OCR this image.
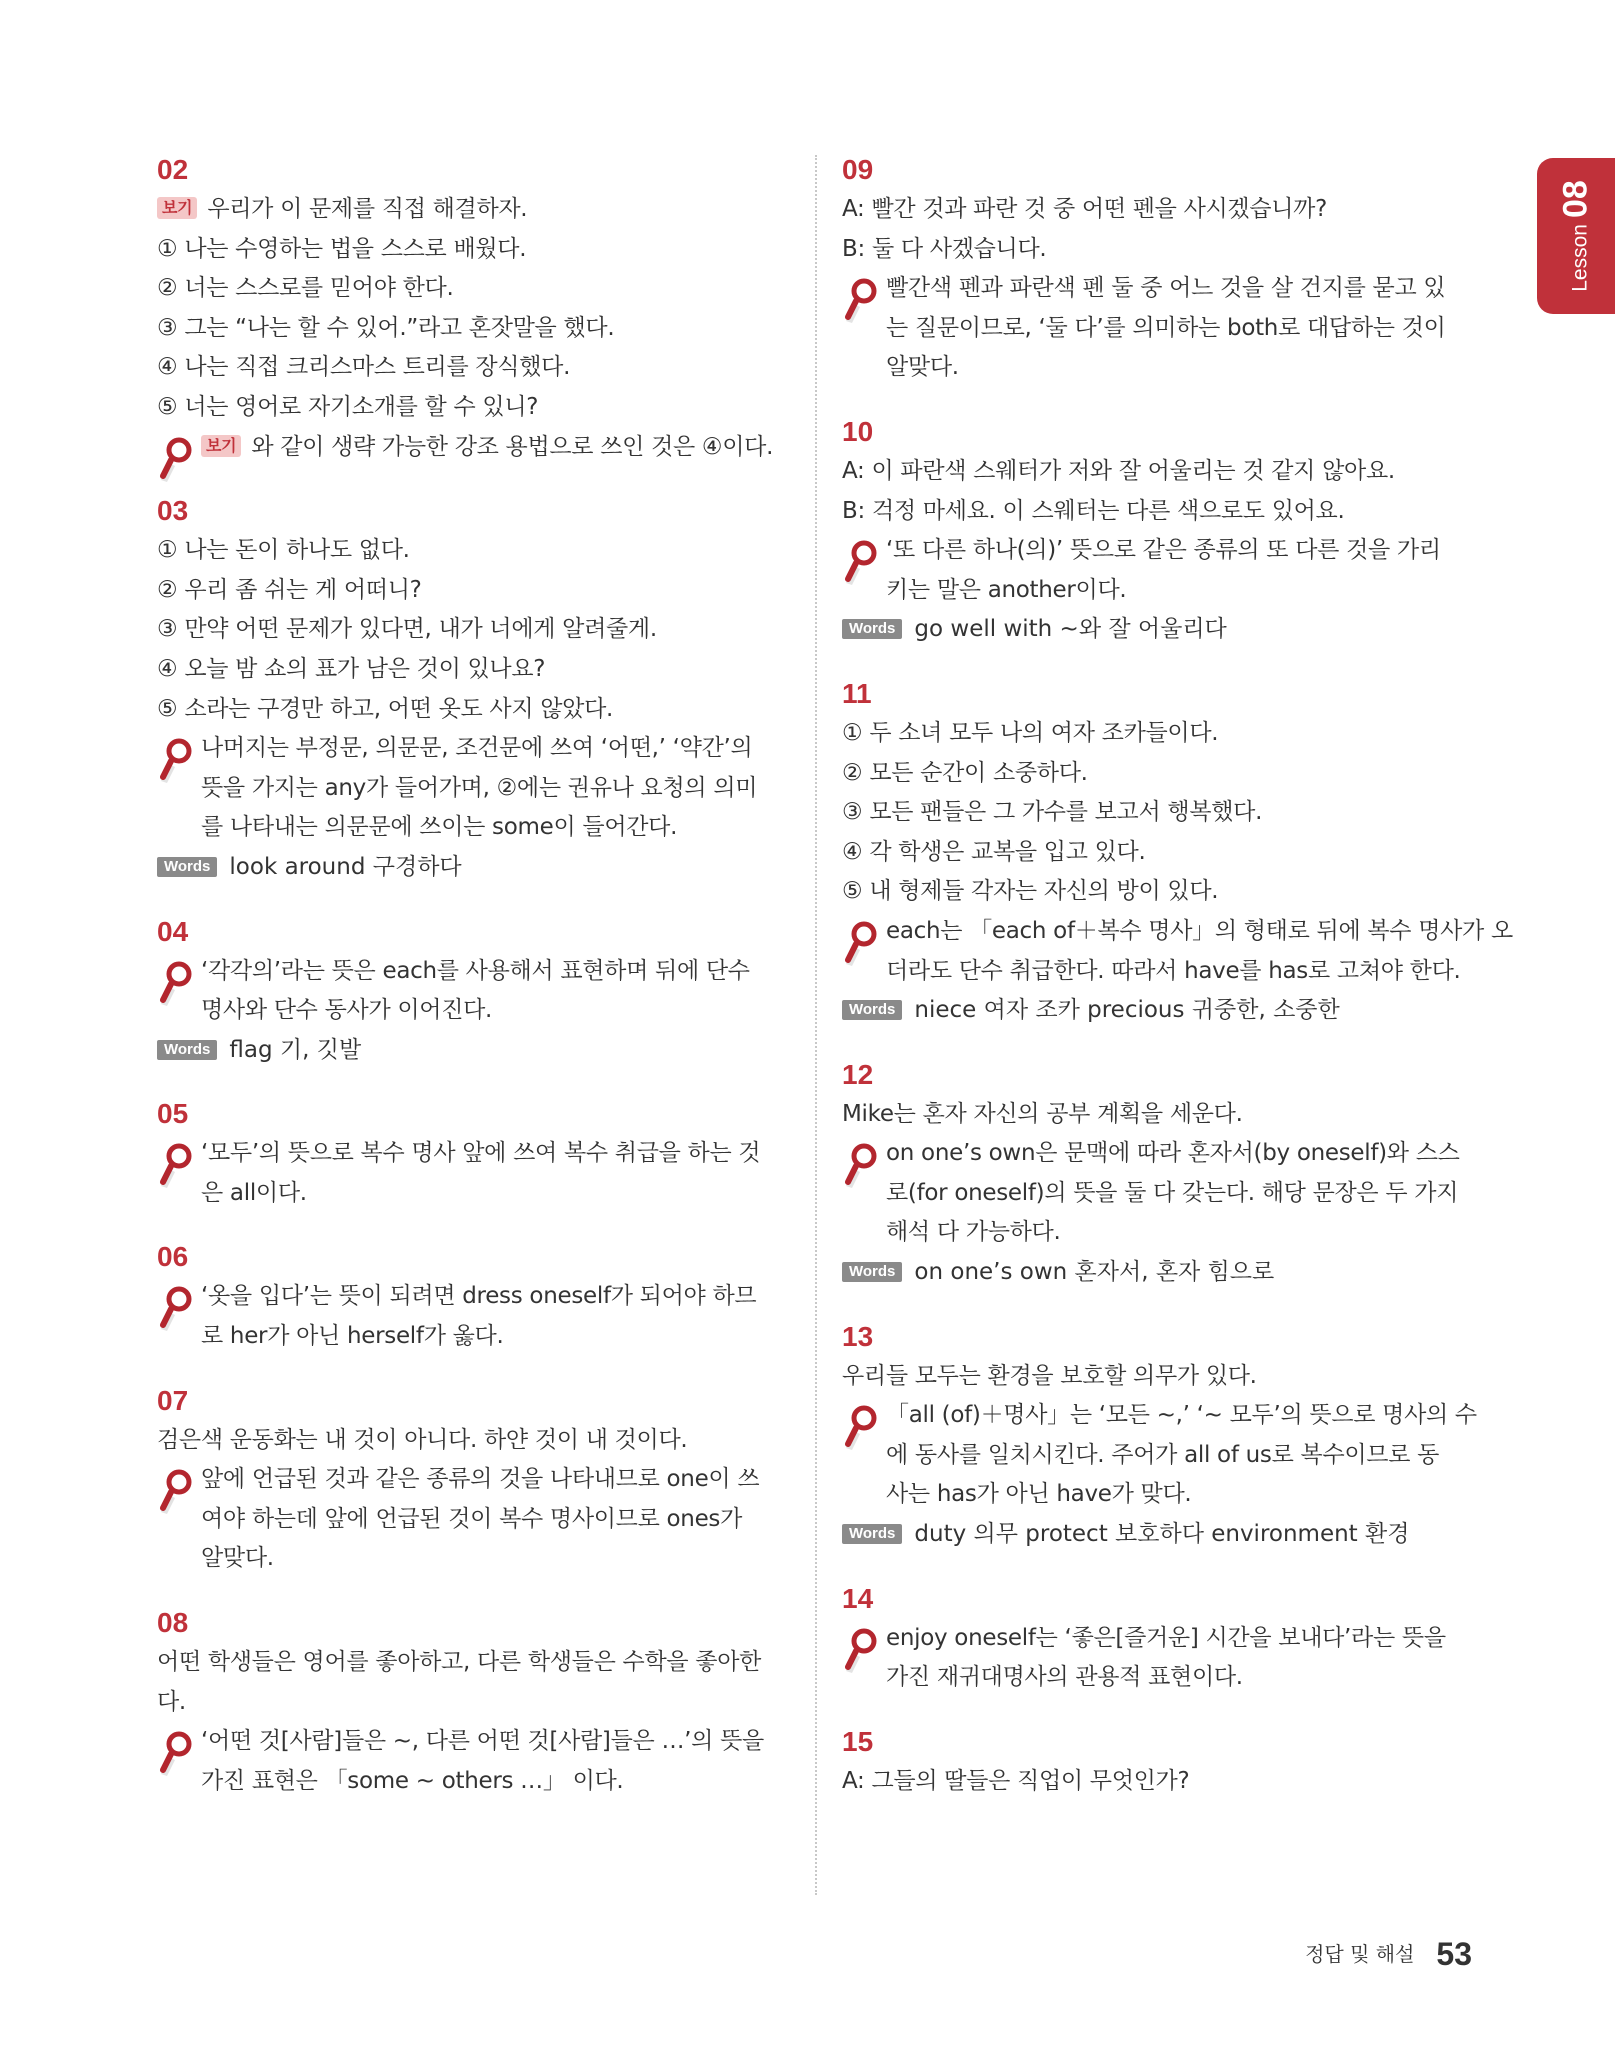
Lesson08
02
보기 우리가 이 문제를 직접 해결하자.
① 나는 수영하는 법을 스스로 배웠다.
② 너는 스스로를 믿어야 한다.
③ 그는 “나는 할 수 있어.”라고 혼잣말을 했다.
④ 나는 직접 크리스마스 트리를 장식했다.
⑤ 너는 영어로 자기소개를 할 수 있니?
보기 와 같이 생략 가능한 강조 용법으로 쓰인 것은 ④이다.
03
① 나는 돈이 하나도 없다.
② 우리 좀 쉬는 게 어떠니?
③ 만약 어떤 문제가 있다면, 내가 너에게 알려줄게.
④ 오늘 밤 쇼의 표가 남은 것이 있나요?
⑤ 소라는 구경만 하고, 어떤 옷도 사지 않았다.
나머지는 부정문, 의문문, 조건문에 쓰여 ‘어떤,’ ‘약간’의
뜻을 가지는 any가 들어가며, ②에는 권유나 요청의 의미
를 나타내는 의문문에 쓰이는 some이 들어간다.
Words look around 구경하다
04
‘각각의’라는 뜻은 each를 사용해서 표현하며 뒤에 단수
명사와 단수 동사가 이어진다.
Words flag 기, 깃발
05
‘모두’의 뜻으로 복수 명사 앞에 쓰여 복수 취급을 하는 것
은 all이다.
06
‘옷을 입다’는 뜻이 되려면 dress oneself가 되어야 하므
로 her가 아닌 herself가 옳다.
07
검은색 운동화는 내 것이 아니다. 하얀 것이 내 것이다.
앞에 언급된 것과 같은 종류의 것을 나타내므로 one이 쓰
여야 하는데 앞에 언급된 것이 복수 명사이므로 ones가
알맞다.
08
어떤 학생들은 영어를 좋아하고, 다른 학생들은 수학을 좋아한
다.
‘어떤 것[사람]들은 ~, 다른 어떤 것[사람]들은 …’의 뜻을
가진 표현은 「some ~ others …」 이다.
09
A: 빨간 것과 파란 것 중 어떤 펜을 사시겠습니까?
B: 둘 다 사겠습니다.
빨간색 펜과 파란색 펜 둘 중 어느 것을 살 건지를 묻고 있
는 질문이므로, ‘둘 다’를 의미하는 both로 대답하는 것이
알맞다.
10
A: 이 파란색 스웨터가 저와 잘 어울리는 것 같지 않아요.
B: 걱정 마세요. 이 스웨터는 다른 색으로도 있어요.
‘또 다른 하나(의)’ 뜻으로 같은 종류의 또 다른 것을 가리
키는 말은 another이다.
Words go well with ~와 잘 어울리다
11
① 두 소녀 모두 나의 여자 조카들이다.
② 모든 순간이 소중하다.
③ 모든 팬들은 그 가수를 보고서 행복했다.
④ 각 학생은 교복을 입고 있다.
⑤ 내 형제들 각자는 자신의 방이 있다.
each는 「each of＋복수 명사」의 형태로 뒤에 복수 명사가 오
더라도 단수 취급한다. 따라서 have를 has로 고쳐야 한다.
Words niece 여자 조카 precious 귀중한, 소중한
12
Mike는 혼자 자신의 공부 계획을 세운다.
on one’s own은 문맥에 따라 혼자서(by oneself)와 스스
로(for oneself)의 뜻을 둘 다 갖는다. 해당 문장은 두 가지
해석 다 가능하다.
Words on one’s own 혼자서, 혼자 힘으로
13
우리들 모두는 환경을 보호할 의무가 있다.
「all (of)＋명사」는 ‘모든 ~,’ ‘~ 모두’의 뜻으로 명사의 수
에 동사를 일치시킨다. 주어가 all of us로 복수이므로 동
사는 has가 아닌 have가 맞다.
Words duty 의무 protect 보호하다 environment 환경
14
enjoy oneself는 ‘좋은[즐거운] 시간을 보내다’라는 뜻을
가진 재귀대명사의 관용적 표현이다.
15
A: 그들의 딸들은 직업이 무엇인가?
정답 및 해설 53
